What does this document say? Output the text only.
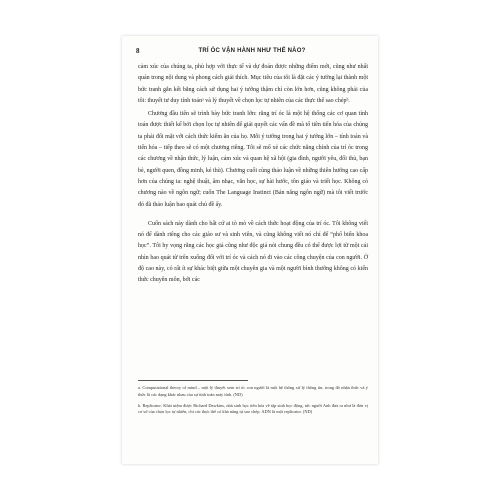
8	TRÍ ÓC VẬN HÀNH NHƯ THẾ NÀO?

cảm xúc của chúng ta, phù hợp với thực tế và dự đoán được những điểm mới, cũng như nhất quán trong nội dung và phong cách giải thích. Mục tiêu của tôi là đặt các ý tưởng lại thành một bức tranh gắn kết bằng cách sử dụng hai ý tưởng thậm chí còn lớn hơn, cũng không phải của tôi: thuyết tư duy tính toánᵃ và lý thuyết về chọn lọc tự nhiên của các thực thể sao chépᵇ.

Chương đầu tiên sẽ trình bày bức tranh lớn: rằng trí óc là một hệ thống các cơ quan tính toán được thiết kế bởi chọn lọc tự nhiên để giải quyết các vấn đề mà tổ tiên tiến hóa của chúng ta phải đối mặt với cách thức kiếm ăn của họ. Mỗi ý tưởng trong hai ý tưởng lớn – tính toán và tiến hóa – tiếp theo sẽ có một chương riêng. Tôi sẽ mổ xẻ các chức năng chính của trí óc trong các chương về nhận thức, lý luận, cảm xúc và quan hệ xã hội (gia đình, người yêu, đối thủ, bạn bè, người quen, đồng minh, kẻ thù). Chương cuối cùng thảo luận về những thiên hướng cao cấp hơn của chúng ta: nghệ thuật, âm nhạc, văn học, sự hài hước, tôn giáo và triết học. Không có chương nào về ngôn ngữ; cuốn The Language Instinct (Bản năng ngôn ngữ) mà tôi viết trước đó đã thảo luận bao quát chủ đề ấy.

Cuốn sách này dành cho bất cứ ai tò mò về cách thức hoạt động của trí óc. Tôi không viết nó để dành riêng cho các giáo sư và sinh viên, và cũng không viết nó chỉ để “phổ biến khoa học”. Tôi hy vọng rằng các học giả cũng như độc giả nói chung đều có thể được lợi từ một cái nhìn bao quát từ trên xuống đối với trí óc và cách nó đi vào các công chuyện của con người. Ở độ cao này, có rất ít sự khác biệt giữa một chuyên gia và một người bình thường không có kiến thức chuyên môn, bởi các

a. Computational theory of mind – một lý thuyết xem trí óc con người là một hệ thống xử lý thông tin, trong đó nhận thức và ý thức là các dạng khác nhau của sự tính toán máy tính. (ND)

b. Replicator: Khái niệm được Richard Dawkins, nhà sinh học tiến hóa về tập sinh học động, tức người Anh đưa ra như là đơn vị cơ sở của chọn lọc tự nhiên, chỉ các thực thể có khả năng tự sao chép. ADN là một replicator. (ND)
